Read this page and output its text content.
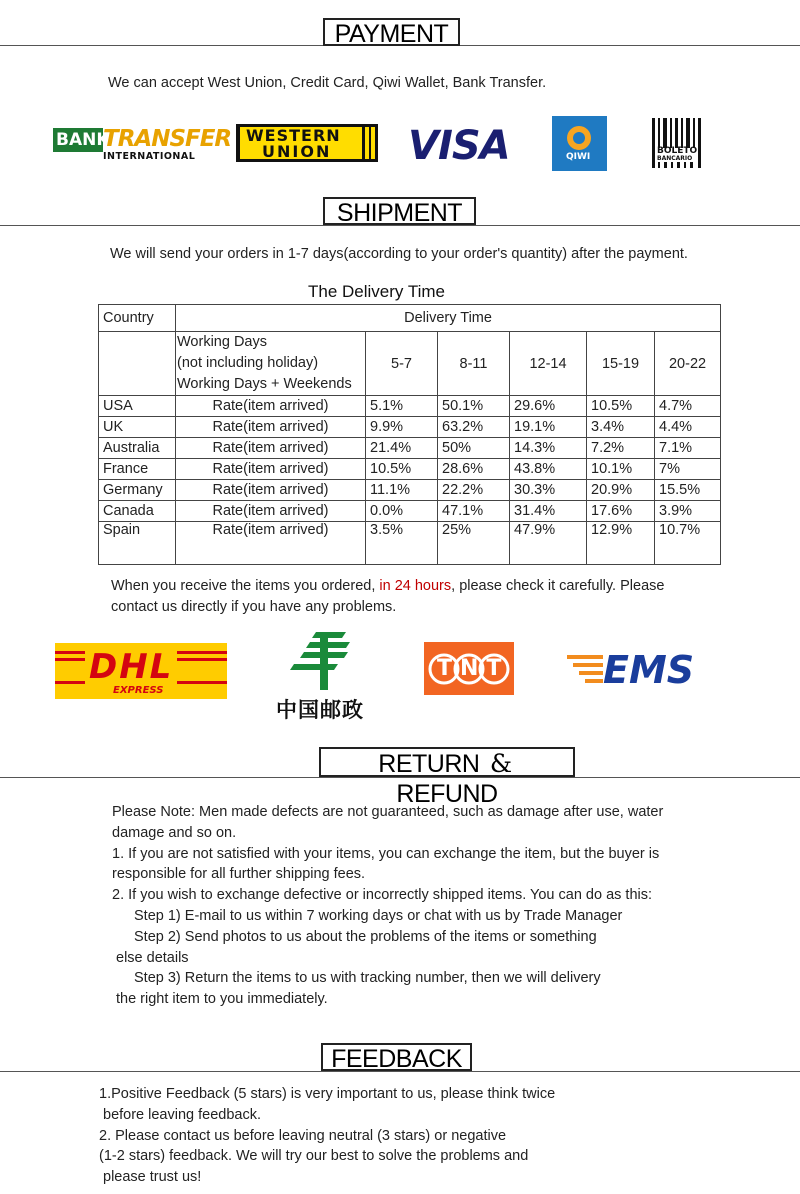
PAYMENT
We can accept West Union, Credit Card, Qiwi Wallet, Bank Transfer.
BANK
TRANSFER
INTERNATIONAL
WESTERN
UNION VISA	QIWI
BOLETO
BANCARIO
SHIPMENT
We will send your orders in 1-7 days(according to your order's quantity) after the payment.
The Delivery Time
Country	Delivery Time					

	Working Days
(not including holiday)
Working Days + Weekends	5-7	8-11	12-14	15-19	20-22
USA	Rate(item arrived)	5.1%	50.1%	29.6%	10.5%	4.7%
UK	Rate(item arrived)	9.9%	63.2%	19.1%	3.4%	4.4%
Australia	Rate(item arrived)	21.4%	50%	14.3%	7.2%	7.1%
France	Rate(item arrived)	10.5%	28.6%	43.8%	10.1%	7%
Germany	Rate(item arrived)	11.1%	22.2%	30.3%	20.9%	15.5%
Canada	Rate(item arrived)	0.0%	47.1%	31.4%	17.6%	3.9%
Spain	Rate(item arrived)	3.5%	25%	47.9%	12.9%	10.7%
When you receive the items you ordered, in 24 hours, please check it carefully. Please
contact us directly if you have any problems.
DHL
EXPRESS
中国邮政
TNT EMS
RETURN & REFUND
Please Note: Men made defects are not guaranteed, such as damage after use, water
damage and so on.
1. If you are not satisfied with your items, you can exchange the item, but the buyer is
responsible for all further shipping fees.
2. If you wish to exchange defective or incorrectly shipped items. You can do as this:
Step 1) E-mail to us within 7 working days or chat with us by Trade Manager
Step 2) Send photos to us about the problems of the items or something
else details
Step 3) Return the items to us with tracking number, then we will delivery
the right item to you immediately.
FEEDBACK
1.Positive Feedback (5 stars) is very important to us, please think twice
before leaving feedback.
2. Please contact us before leaving neutral (3 stars) or negative
(1-2 stars) feedback. We will try our best to solve the problems and
please trust us!
